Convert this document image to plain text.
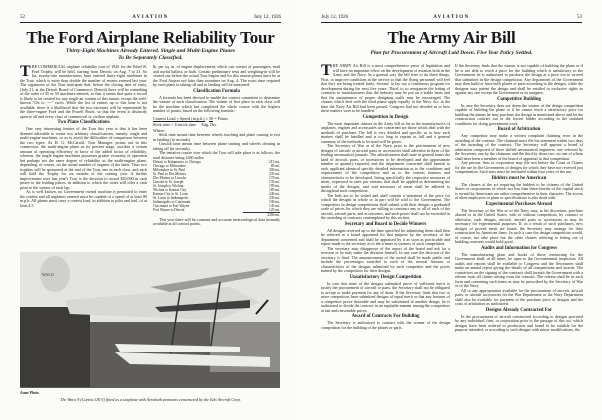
52	AVIATION	July 12, 1926
The Ford Airplane Reliability Tour
Thirty-Eight Machines Already Entered. Single and Multi-Engine Planes
To Be Separately Classified.

THE COMMERCIAL airplane reliability tour of 1926 for the Edsel B. Ford Trophy, will be held, starting from Detroit, on Aug. 7 to 21. So far, twenty-one manufacturers have entered thirty-eight machines in the Tour, which is more than double the number of entries entered last year. The organizers of the Tour anticipate that, before the closing date of entry, (July 21, at the Detroit Board of Commerce, Detroit) there will be something of the order of 45 or 50 machines entered, so that it seems that quite a record is likely to be created for any single air contest of this nature, except the well-known "On to ----" races. While the list of entries up to this time is not available, there is a likelihood that the two extremes will be represented by the three-engine Ford and the Powell Racer, so that the event is distinctly open to all and every class of commercial or civilian airplane.

Two Plane Classifications

One very interesting feature of the Tour this year is that it has been deemed advisable to create two arbitrary classifications, namely, single and multi-engine machines, so as to avoid the difficulties of comparison between the two types. As H. G. McCarroll, Tour Manager, points out in this connection, the multi-engine plane in its present stage, ascribes a certain amount of operating efficiency in favor of the added factor of reliability, whereas, the single engine machines possesses greater economy of operation but perhaps not the same degree of reliability as the multi-engine plane, depending, of course, on the actual number of engines of the latter. Thus two trophies will be sponsored at the end of the Tour, one in each class, and each will hold the Trophy for six months of the coming year. A further improvement over last year's Tour is the decision to award $20,000 in cash prizes to the leading places, in addition to which the cities will offer a cash prize to the winner of each lap.

As is well known, no Government owned machine is permitted to enter the contest and all airplanes entered must be capable of a speed of at least 80 m.p.h. All planes must carry a contest load, in addition to pilot and fuel, of at least 4.5

lb. per sq. in. of engine displacement, which can consist of passengers, mail and useful ballast, or both. Certain preliminary tests and weighing-in will be carried out before the actual Tour begins and for this reason planes must be at the Ford Airport not later than noontime on Aug. 4. The exact time required by each plane in taking off and in landing will be measured.

Classification Formula

A formula has been devised to enable the contest committee to determine the winner of each classification. The winner of first place in each class will be the machine which has completed the whole course with the highest number of points, based on the following formula:

Contest Load × Speed (m.p.h.) × 50 = Points
Stick time × Unstick time Eng. Dis.

Where:

Stick time means time between wheels touching and plane coming to rest in landing (in seconds).

Unstick time means time between plane starting and wheels clearing in taking off (in seconds).

The tentative course over which the Tour will take place is as follows, the total distance being 2260 miles:

Detroit to Kalamazoo to Chicago	215 mi.
Chicago to Milwaukee	85 mi.
Milwaukee to St. Paul	300 mi.
St. Paul to Des Moines	235 mi.
Des Moines to Lincoln	170 mi.
Lincoln to St. Joseph	135 mi.
St. Joseph to Wichita	195 mi.
Wichita to Kansas City	185 mi.
Kansas City to St. Louis	240 mi.
St. Louis to Indianapolis	230 mi.
Indianapolis to Cincinnati	100 mi.
Cincinnati to Fort Wayne	145 mi.
Fort Wayne to Detroit	125 mi.
2260 mi.

This year there will be constant and accurate meteorological data instantly available at all control points.

WACO
Acme Photo
The Waco 9 (Curtiss OX-5) fitted as a seaplane with Aerobuilt pontoons constructed by the Edo Aircraft Corp.
July 12, 1926	AVIATION	53
The Army Air Bill
Plan for Procurement of Aircraft Laid Down. Five Year Policy Settled.

THE ARMY Air Bill is a most comprehensive piece of legislation and will have an important effect on the development of aviation both in the Army and the Navy. In a general way the bill tries to do three things. First, to improve conditions in the service so that the flying personnel will feel that they are being treated fairly. Second, to lay out a continuous program for development during the next five years. Third, to so reorganize the letting of contracts to manufacturers that the industry may be put on a stable basis and that the maintenance of proper designing staffs may be encouraged. The clauses which deal with the third phase apply equally to the Navy Act, at the time the Navy Air Bill had been passed, Congress had not decided as to how these matters were to be handled.

Competition in Design

The most important clauses in the Army bill as far as the manufacturers of airplanes, engines and accessories are concerned are those which deal with the methods of purchase. The bill is very detailed and specific as to how such matters shall be handled and is too long to reprint in full and a general summary of the methods to be used will be given.

The Secretary of War or of the Navy, prior to the procurement of new designs of aircraft or aircraft parts or accessories shall advertise in three of the leading aeronautical journals. The advertisement shall state in general terms the kind of aircraft, parts, or accessories to be developed and the approximate number or quantity required, and the department concerned shall furnish to each applicant identical specific detailed information as to the conditions and requirements of the competition and as to the various features and characteristics to be developed, listing specifically the respective measures of merit, expressed in rates per centum, that shall be applied in determining the merits of the designs, and said measures of merit shall be adhered to throughout such competition.

The bids are to be sealed and shall contain a statement of the price for which the designs in whole or in part will be sold to the Government. The competitors in design competitions shall submit with their designs a graduated scale of prices for which they are willing to construct any or all of each of the aircraft, aircraft parts, and accessories, and such prices shall not be exceeded in the awarding of contracts contemplated by this section.

Secretary and Board to Decide Winners

All designs received up to the time specified for submitting them shall then be referred to a board appointed for that purpose by the secretary of the department concerned and shall be appraised by it as soon as practicable and report made to the secretary as to the winner or winners of such competition.

The secretary may disapprove of the report of the board and ask for a revision or he may make the decision himself. In any case the decision of the secretary is final. The announcement of the award shall be made public and include the percentages awarded to each of the several features or characteristics of the designs submitted by each competitor and the prices named by the competitors for their designs.

Unsatisfactory Design Competition

In case that none of the designs submitted prove of sufficient merit to justify the procurement of aircraft or parts, the Secretary shall not be obligated to accept or make payment for any of them. If the Secretary finds that two or more competitors have submitted designs of equal merit or that any features of a competitor prove desirable and may be substituted in another design, he is authorized to divide the contract in an equitable manner among the competitors at fair and reasonable prices.

Award of Contracts For Building

The Secretary is authorized to contract with the winner of the design competition for the building of the planes or parts.

If the Secretary finds that the winner is not capable of building the plane or if he is not able to reach a price for the building which is satisfactory to the Government he is authorized to purchase the design at a price not to exceed that submitted in the design competition. Any department of the Government may then build or have built planes or parts according to the designs, while the designer may patent the design and shall be entitled to exclusive rights as against any one except the Government or its assignee.

Competitive Building

In case the Secretary does not deem the winner of the design competition capable of building the plane or if he cannot reach a satisfactory price for building the planes he may purchase the design as mentioned above and let the construction contract out to the lowest bidder according to the standard conditions for doing government work.

Board of Arbitration

Any competitor may make a written complaint claiming error in the awarding of the contract. The claimant must file his statement within two days of the awarding of the contract. The Secretary will appoint a board of arbitration composed of three skilled aeronautical engineers, one selected by the Secretary, one by the claimant, and the third by those two, no one of whom shall have been a member of the board of appraisal in that competition.

Any person, firm or corporation may file suit before the Court of Claims for the use by the Government of designs for which they have not received just compensation. Such suits must be instituted within four years of the use.

Bidders must be American

The clauses of the act requiring the bidders to be citizens of the United States or corporations of which not less than three-fourths of the capital stock is owned by Americans are rather comprehensive in their character. The access of alien employees to plans or specifications is also dealt with.

Experimental Purchases Abroad

The Secretary of the War or of the Navy may, at his discretion, purchase abroad or in the United States, with or without competition, by contract or otherwise, such designs, aircraft, aircraft parts or accessories as may be necessary for experimental purposes. If, as a result of such purchases, new designs of proved merit are found, the Secretary may arrange for their construction by American firms. In such a case the design competition would, of course, not take place but the other clauses referring to letting out of building contracts would hold good.

Audits and Information for Congress

The manufacturing plant and books of those contracting for the Government shall, at all times, be open to the Governmental inspection. All audits and reports shall be available to Congress and the Secretaries shall make an annual report giving the details of all competitions and awards. The contractors on the signing of the contracts shall furnish the Government with a release from all claims arising from the contract. The release shall be in such form and containing such terms as may be prescribed by the Secretary of War or of the Navy.

All or any appropriation available for the procurement of aircraft, aircraft parts, or aircraft accessories for the War Department or the Navy Department shall also be available for payment of the purchase price of designs and the costs of arbitration as authorized.

Designs Already Contracted For

In the procurement of aircraft constructed according to designs procured by any individual, firm, or corporation prior to the passage of this act, which designs have been ordered to production and found to be suitable for the purpose intended, or according to such designs with minor modifications, the
